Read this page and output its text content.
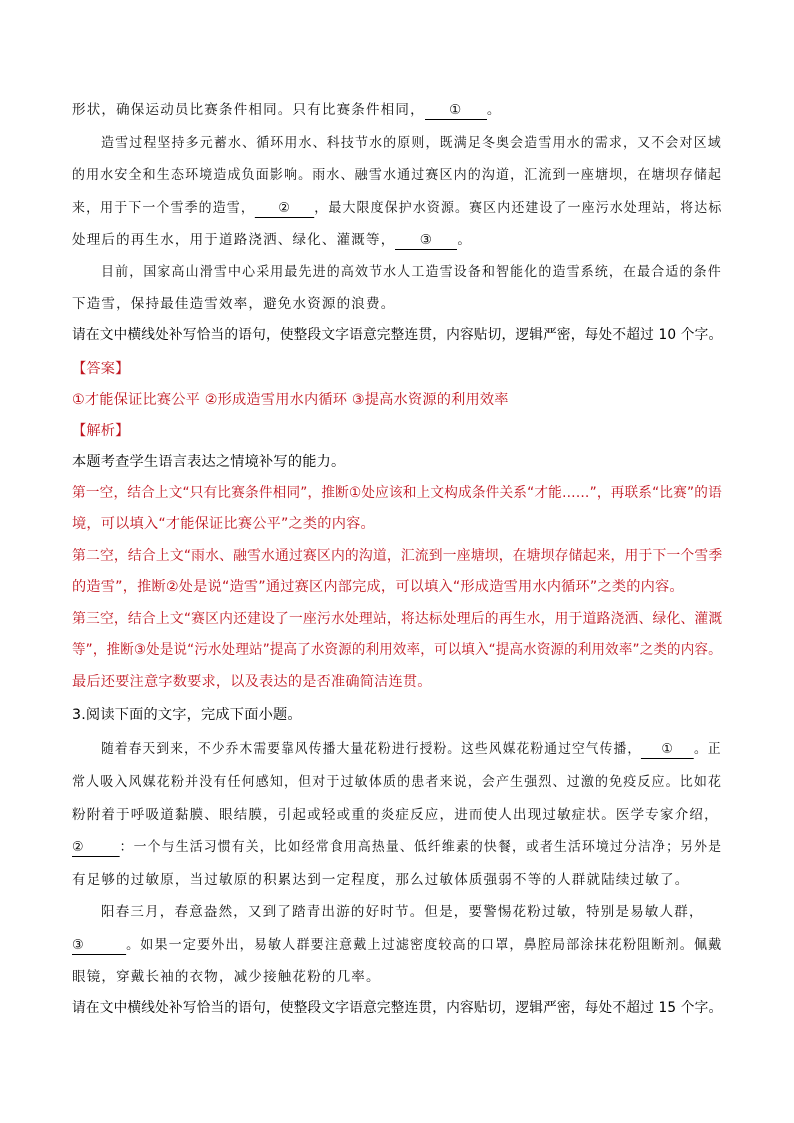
形状，确保运动员比赛条件相同。只有比赛条件相同， ① 。
造雪过程坚持多元蓄水、循环用水、科技节水的原则，既满足冬奥会造雪用水的需求，又不会对区域
的用水安全和生态环境造成负面影响。雨水、融雪水通过赛区内的沟道，汇流到一座塘坝，在塘坝存储起
来，用于下一个雪季的造雪， ② ，最大限度保护水资源。赛区内还建设了一座污水处理站，将达标
处理后的再生水，用于道路浇洒、绿化、灌溉等， ③ 。
目前，国家高山滑雪中心采用最先进的高效节水人工造雪设备和智能化的造雪系统，在最合适的条件
下造雪，保持最佳造雪效率，避免水资源的浪费。
请在文中横线处补写恰当的语句，使整段文字语意完整连贯，内容贴切，逻辑严密，每处不超过 10 个字。
【答案】
①才能保证比赛公平 ②形成造雪用水内循环 ③提高水资源的利用效率
【解析】
本题考查学生语言表达之情境补写的能力。
第一空，结合上文“只有比赛条件相同”，推断①处应该和上文构成条件关系“才能……”，再联系“比赛”的语
境，可以填入“才能保证比赛公平”之类的内容。
第二空，结合上文“雨水、融雪水通过赛区内的沟道，汇流到一座塘坝，在塘坝存储起来，用于下一个雪季
的造雪”，推断②处是说“造雪”通过赛区内部完成，可以填入“形成造雪用水内循环”之类的内容。
第三空，结合上文“赛区内还建设了一座污水处理站，将达标处理后的再生水，用于道路浇洒、绿化、灌溉
等”，推断③处是说“污水处理站”提高了水资源的利用效率，可以填入“提高水资源的利用效率”之类的内容。
最后还要注意字数要求，以及表达的是否准确简洁连贯。
3.阅读下面的文字，完成下面小题。
随着春天到来，不少乔木需要靠风传播大量花粉进行授粉。这些风媒花粉通过空气传播， ① 。正
常人吸入风媒花粉并没有任何感知，但对于过敏体质的患者来说，会产生强烈、过激的免疫反应。比如花
粉附着于呼吸道黏膜、眼结膜，引起或轻或重的炎症反应，进而使人出现过敏症状。医学专家介绍，
②	：一个与生活习惯有关，比如经常食用高热量、低纤维素的快餐，或者生活环境过分洁净；另外是
有足够的过敏原，当过敏原的积累达到一定程度，那么过敏体质强弱不等的人群就陆续过敏了。
阳春三月，春意盎然，又到了踏青出游的好时节。但是，要警惕花粉过敏，特别是易敏人群，
③	。如果一定要外出，易敏人群要注意戴上过滤密度较高的口罩，鼻腔局部涂抹花粉阻断剂。佩戴
眼镜，穿戴长袖的衣物，减少接触花粉的几率。
请在文中横线处补写恰当的语句，使整段文字语意完整连贯，内容贴切，逻辑严密，每处不超过 15 个字。
